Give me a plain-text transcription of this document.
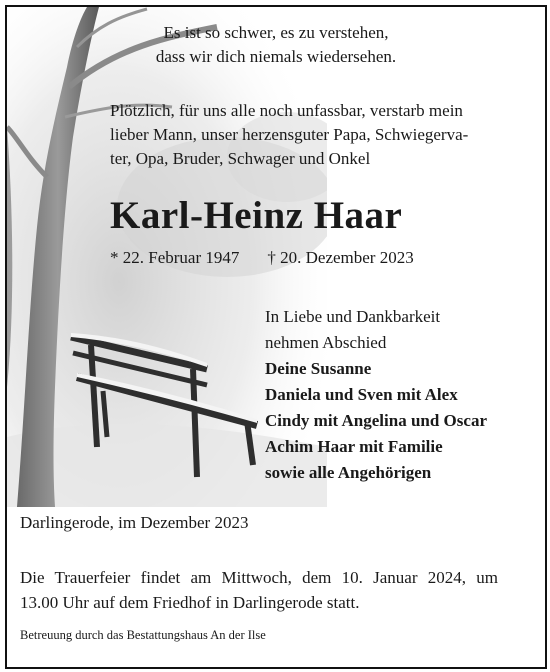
Es ist so schwer, es zu verstehen,
dass wir dich niemals wiedersehen.
Plötzlich, für uns alle noch unfassbar, verstarb mein
lieber Mann, unser herzensguter Papa, Schwiegerva-
ter, Opa, Bruder, Schwager und Onkel
Karl-Heinz Haar
* 22. Februar 1947 † 20. Dezember 2023
In Liebe und Dankbarkeit
nehmen Abschied
Deine Susanne
Daniela und Sven mit Alex
Cindy mit Angelina und Oscar
Achim Haar mit Familie
sowie alle Angehörigen
Darlingerode, im Dezember 2023
Die Trauerfeier findet am Mittwoch, dem 10. Januar 2024, um
13.00 Uhr auf dem Friedhof in Darlingerode statt.
Betreuung durch das Bestattungshaus An der Ilse
